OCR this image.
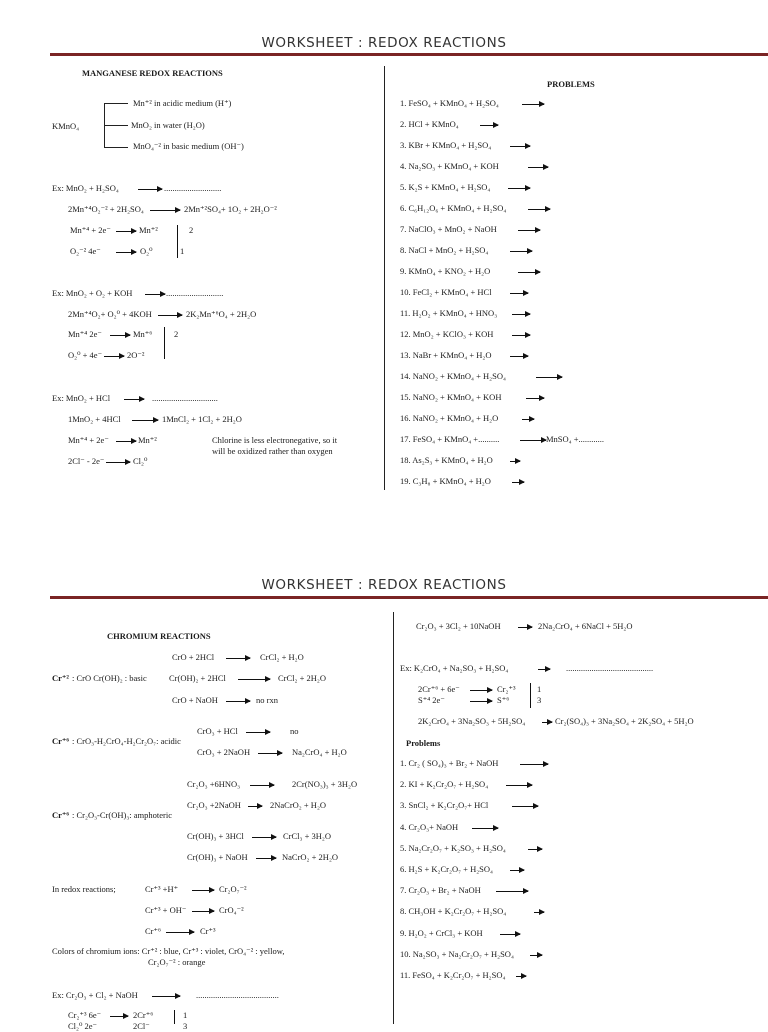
WORKSHEET : REDOX REACTIONS
MANGANESE REDOX REACTIONS
KMnO₄
Mn⁺² in acidic medium (H⁺)
MnO₂ in water (H₂O)
MnO₄⁻² in basic medium (OH⁻)
Ex: MnO₂ + H₂SO₄	...........................
2Mn⁺⁴O₂⁻² + 2H₂SO₄	2Mn⁺²SO₄+ 1O₂ + 2H₂O⁻²
Mn⁺⁴ + 2e⁻	Mn⁺²	2
O₂⁻² 4e⁻	O₂⁰	1
Ex: MnO₂ + O₂ + KOH	...........................
2Mn⁺⁴O₂+ O₂⁰ + 4KOH	2K₂Mn⁺⁶O₄ + 2H₂O
Mn⁺⁴ 2e⁻	Mn⁺⁶	2
O₂⁰ + 4e⁻	2O⁻²
Ex: MnO₂ + HCl	...............................
1MnO₂ + 4HCl	1MnCl₂ + 1Cl₂ + 2H₂O
Mn⁺⁴ + 2e⁻	Mn⁺²	Chlorine is less electronegative, so it
will be oxidized rather than oxygen
2Cl⁻ - 2e⁻	Cl₂⁰
PROBLEMS
1. FeSO₄ + KMnO₄ + H₂SO₄
2. HCl + KMnO₄
3. KBr + KMnO₄ + H₂SO₄
4. Na₂SO₃ + KMnO₄ + KOH
5. K₂S + KMnO₄ + H₂SO₄
6. C₆H₁₂O₆ + KMnO₄ + H₂SO₄
7. NaClO₃ + MnO₂ + NaOH
8. NaCl + MnO₂ + H₂SO₄
9. KMnO₄ + KNO₂ + H₂O
10. FeCl₂ + KMnO₄ + HCl
11. H₂O₂ + KMnO₄ + HNO₃
12. MnO₂ + KClO₃ + KOH
13. NaBr + KMnO₄ + H₂O
14. NaNO₂ + KMnO₄ + H₂SO₄
15. NaNO₂ + KMnO₄ + KOH
16. NaNO₂ + KMnO₄ + H₂O
17. FeSO₄ + KMnO₄ +..........	MnSO₄ +............
18. As₂S₃ + KMnO₄ + H₂O
19. C₃H₈ + KMnO₄ + H₂O
WORKSHEET : REDOX REACTIONS
CHROMIUM REACTIONS
CrO + 2HCl	CrCl₂ + H₂O
Cr⁺² : CrO Cr(OH)₂ : basic	Cr(OH)₂ + 2HCl	CrCl₂ + 2H₂O
CrO + NaOH	no rxn
CrO₃ + HCl	no
Cr⁺⁶ : CrO₃-H₂CrO₄-H₂Cr₂O₇: acidic
CrO₃ + 2NaOH	Na₂CrO₄ + H₂O
Cr₂O₃ +6HNO₃	2Cr(NO₃)₃ + 3H₂O
Cr₂O₃ +2NaOH	2NaCrO₂ + H₂O
Cr⁺⁶ : Cr₂O₃-Cr(OH)₃: amphoteric
Cr(OH)₃ + 3HCl	CrCl₃ + 3H₂O
Cr(OH)₃ + NaOH	NaCrO₂ + 2H₂O
In redox reactions;	Cr⁺³ +H⁺	Cr₂O₇⁻²
Cr⁺³ + OH⁻	CrO₄⁻²
Cr⁺⁶	Cr⁺³
Colors of chromium ions: Cr⁺² : blue, Cr⁺³ : violet, CrO₄⁻² : yellow,
Cr₂O₇⁻² : orange
Ex: Cr₂O₃ + Cl₂ + NaOH	.......................................
Cr₂⁺³ 6e⁻	2Cr⁺⁶	1
Cl₂⁰ 2e⁻	2Cl⁻	3
Cr₂O₃ + 3Cl₂ + 10NaOH	2Na₂CrO₄ + 6NaCl + 5H₂O
Ex: K₂CrO₄ + Na₂SO₃ + H₂SO₄	.........................................
2Cr⁺⁶ + 6e⁻	Cr₂⁺³	1
S⁺⁴ 2e⁻	S⁺⁶	3
2K₂CrO₄ + 3Na₂SO₃ + 5H₂SO₄	Cr₂(SO₄)₃ + 3Na₂SO₄ + 2K₂SO₄ + 5H₂O
Problems
1. Cr₂ ( SO₄)₃ + Br₂ + NaOH
2. KI + K₂Cr₂O₇ + H₂SO₄
3. SnCl₂ + K₂Cr₂O₇+ HCl
4. Cr₂O₃+ NaOH
5. Na₂Cr₂O₇ + K₂SO₃ + H₂SO₄
6. H₂S + K₂Cr₂O₇ + H₂SO₄
7. Cr₂O₃ + Br₂ + NaOH
8. CH₃OH + K₂Cr₂O₇ + H₂SO₄
9. H₂O₂ + CrCl₃ + KOH
10. Na₂SO₃ + Na₂Cr₂O₇ + H₂SO₄
11. FeSO₄ + K₂Cr₂O₇ + H₂SO₄
